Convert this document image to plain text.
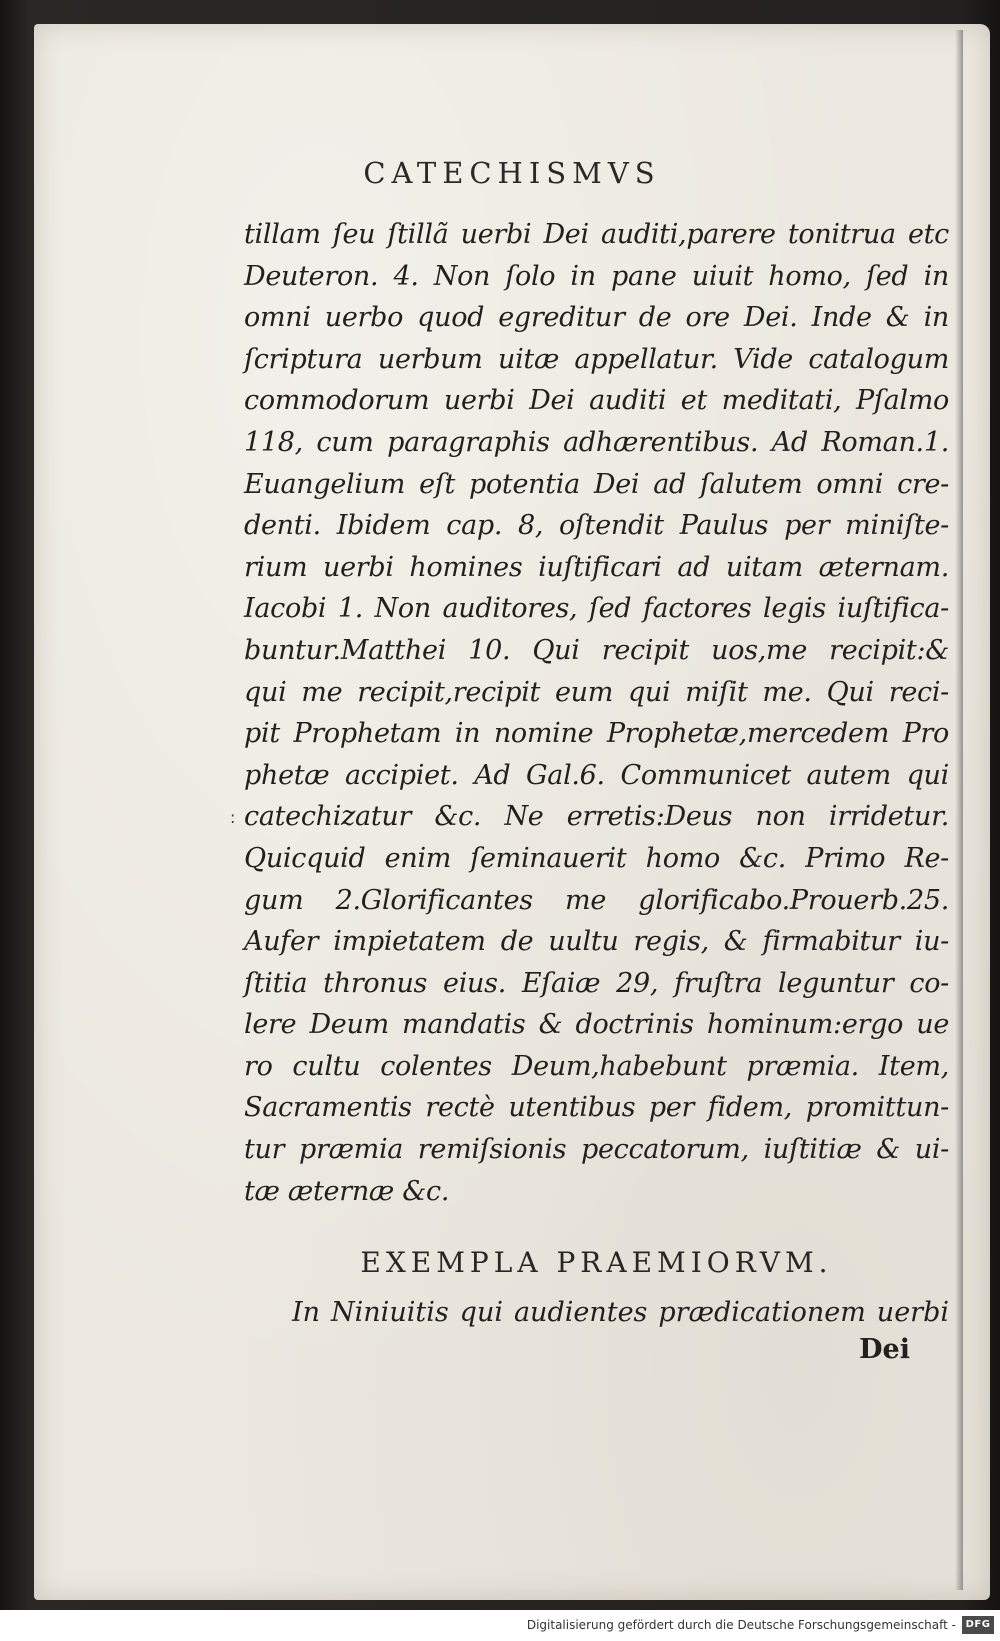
CATECHISMVS
tillam ſeu ſtillã uerbi Dei auditi,parere tonitrua etc
Deuteron. 4. Non ſolo in pane uiuit homo, ſed in
omni uerbo quod egreditur de ore Dei. Inde & in
ſcriptura uerbum uitæ appellatur. Vide catalogum
commodorum uerbi Dei auditi et meditati, Pſalmo
118, cum paragraphis adhærentibus. Ad Roman.1.
Euangelium eſt potentia Dei ad ſalutem omni cre-
denti. Ibidem cap. 8, oſtendit Paulus per miniſte-
rium uerbi homines iuſtificari ad uitam æternam.
Iacobi 1. Non auditores, ſed factores legis iuſtifica-
buntur.Matthei 10. Qui recipit uos,me recipit:&
qui me recipit,recipit eum qui miſit me. Qui reci-
pit Prophetam in nomine Prophetæ,mercedem Pro
phetæ accipiet. Ad Gal.6. Communicet autem qui
catechizatur &c. Ne erretis:Deus non irridetur.
Quicquid enim ſeminauerit homo &c. Primo Re-
gum 2.Glorificantes me glorificabo.Prouerb.25.
Aufer impietatem de uultu regis, & firmabitur iu-
ſtitia thronus eius. Eſaiæ 29, fruſtra leguntur co-
lere Deum mandatis & doctrinis hominum:ergo ue
ro cultu colentes Deum,habebunt præmia. Item,
Sacramentis rectè utentibus per fidem, promittun-
tur præmia remiſsionis peccatorum, iuſtitiæ & ui-
tæ æternæ &c.
:
EXEMPLA PRAEMIORVM.
In Niniuitis qui audientes prædicationem uerbi
Dei
Digitalisierung gefördert durch die Deutsche Forschungsgemeinschaft - DFG
